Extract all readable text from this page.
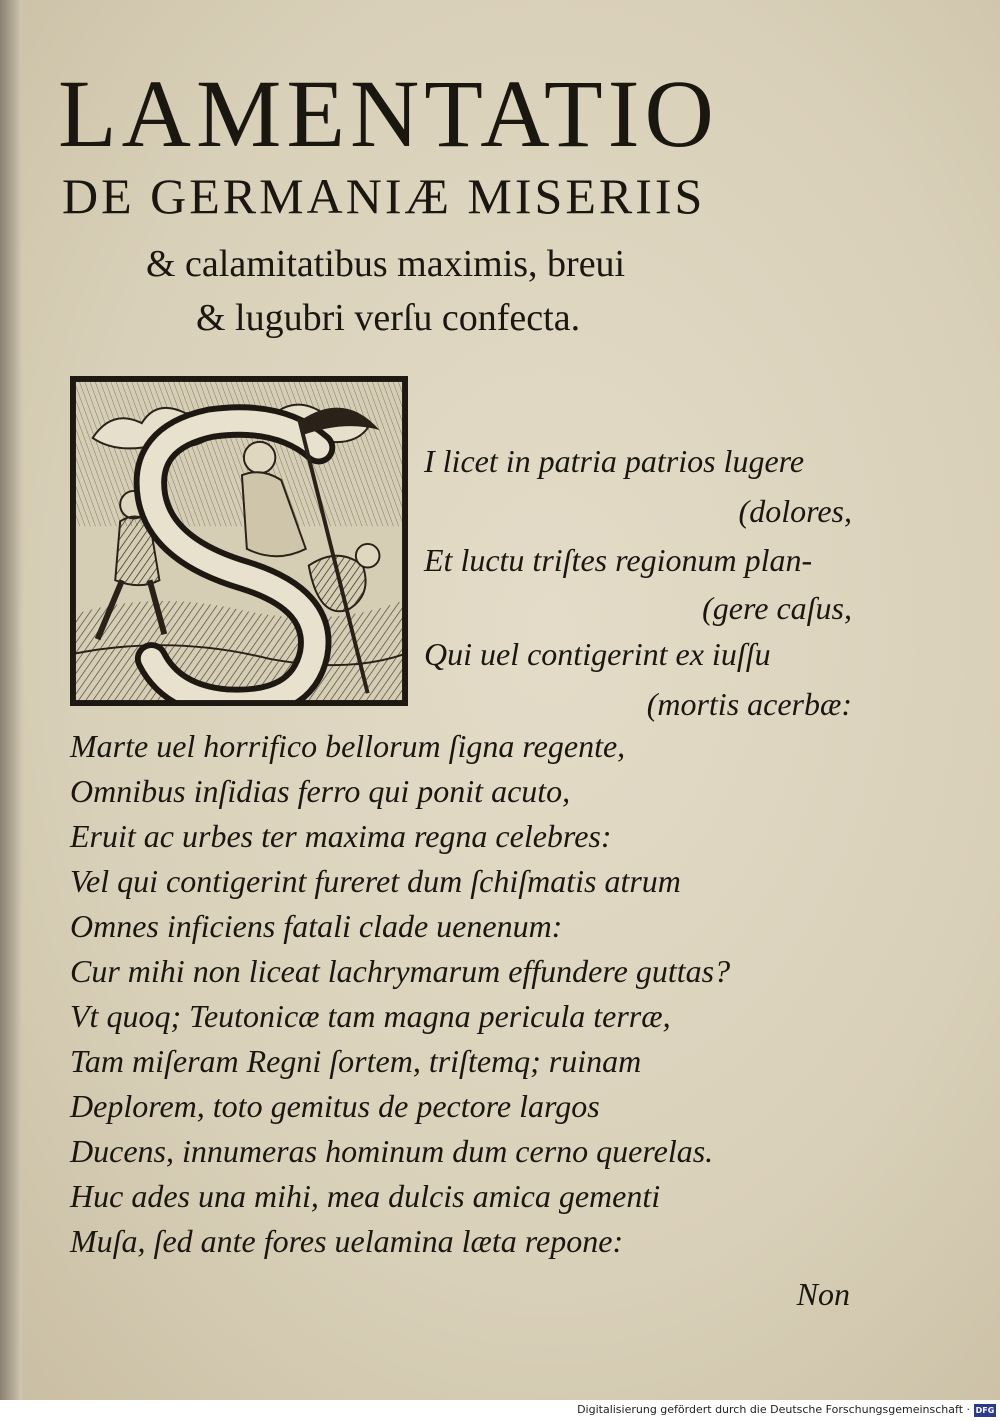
LAMENTATIO
DE GERMANIÆ MISERIIS
& calamitatibus maximis, breui
& lugubri verſu confecta.
I licet in patria patrios lugere
(dolores,
Et luctu triſtes regionum plan-
(gere caſus,
Qui uel contigerint ex iuſſu
(mortis acerbæ:
Marte uel horrifico bellorum ſigna regente,
Omnibus inſidias ferro qui ponit acuto,
Eruit ac urbes ter maxima regna celebres:
Vel qui contigerint fureret dum ſchiſmatis atrum
Omnes inficiens fatali clade uenenum:
Cur mihi non liceat lachrymarum effundere guttas?
Vt quoq; Teutonicæ tam magna pericula terræ,
Tam miſeram Regni ſortem, triſtemq; ruinam
Deplorem, toto gemitus de pectore largos
Ducens, innumeras hominum dum cerno querelas.
Huc ades una mihi, mea dulcis amica gementi
Muſa, ſed ante fores uelamina læta repone:
Non
Digitalisierung gefördert durch die Deutsche Forschungsgemeinschaft · DFG
